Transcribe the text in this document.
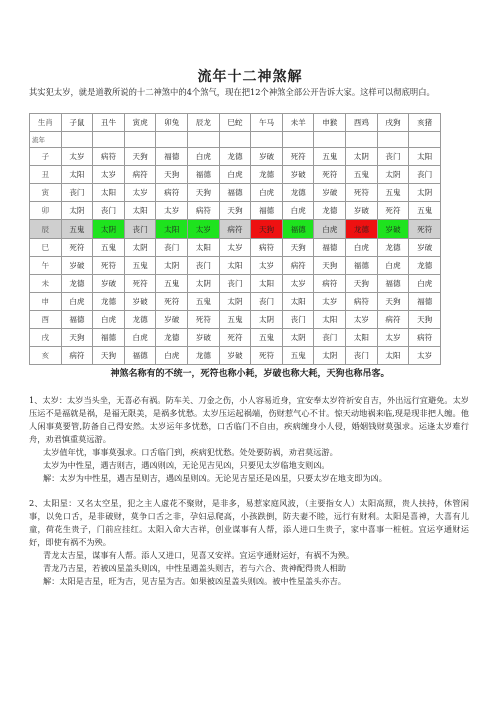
流年十二神煞解
其实犯太岁，就是道教所说的十二神煞中的4个煞气，现在把12个神煞全部公开告诉大家。这样可以彻底明白。
生肖	子鼠	丑牛	寅虎	卯兔	辰龙	巳蛇	午马	未羊	申猴	酉鸡	戌狗	亥猪
流年												
子	太岁	病符	天狗	福德	白虎	龙德	岁破	死符	五鬼	太阴	丧门	太阳
丑	太阳	太岁	病符	天狗	福德	白虎	龙德	岁破	死符	五鬼	太阴	丧门
寅	丧门	太阳	太岁	病符	天狗	福德	白虎	龙德	岁破	死符	五鬼	太阴
卯	太阴	丧门	太阳	太岁	病符	天狗	福德	白虎	龙德	岁破	死符	五鬼
辰	五鬼	太阴	丧门	太阳	太岁	病符	天狗	福德	白虎	龙德	岁破	死符
巳	死符	五鬼	太阴	丧门	太阳	太岁	病符	天狗	福德	白虎	龙德	岁破
午	岁破	死符	五鬼	太阴	丧门	太阳	太岁	病符	天狗	福德	白虎	龙德
未	龙德	岁破	死符	五鬼	太阴	丧门	太阳	太岁	病符	天狗	福德	白虎
申	白虎	龙德	岁破	死符	五鬼	太阴	丧门	太阳	太岁	病符	天狗	福德
酉	福德	白虎	龙德	岁破	死符	五鬼	太阴	丧门	太阳	太岁	病符	天狗
戌	天狗	福德	白虎	龙德	岁破	死符	五鬼	太阴	丧门	太阳	太岁	病符
亥	病符	天狗	福德	白虎	龙德	岁破	死符	五鬼	太阴	丧门	太阳	太岁
神煞名称有的不统一，死符也称小耗，岁破也称大耗，天狗也称吊客。

1、太岁：太岁当头坐，无喜必有祸。防车关、刀金之伤，小人容易近身，宜安奉太岁符祈安自吉，外出远行宜避免。太岁压运不是福就是祸，是福无限美，是祸多忧愁。太岁压运起祸端，伤财惹气心不甘。惊天动地祸来临,现是现非把人缠。他人闲事莫要管,防备自己得安然。太岁运年多忧愁，口舌临门不自由，疾病缠身小人侵，婚姻钱财莫强求。运逢太岁难行舟，劝君慎重莫远游。

太岁值年忧，事事莫强求。口舌临门到，疾病犯忧愁。处处要防祸，劝君莫远游。

太岁为中性星，遇吉则吉，遇凶则凶，无论见吉见凶，只要见太岁临地支则凶。

解：太岁为中性星，遇吉星则吉，遇凶星则凶。无论见吉星还是凶星，只要太岁在地支即为凶。

2、太阳星：又名太空星，犯之主人虚花不聚财，是非多，易惹家庭风波，（主要指女人）太阳高照，贵人扶持，休管闲事，以免口舌，是非破财，莫争口舌之非，孕妇忌爬高，小孩跌倒，防夫妻不睦，远行有财利。太阳是喜神，大喜有儿童，荷花生贵子，门前应挂红。太阳入命大吉祥，创业谋事有人帮，添人进口生贵子，家中喜事一桩桩。宜运亨通财运好，即使有祸不为殃。

青龙太吉星，谋事有人帮。添人又进口，见喜又安祥。宜运亨通财运好，有祸不为殃。

青龙乃吉星，若被凶星盖头则凶，中性星遇盖头则吉，若与六合、贵神配得贵人相助

解：太阳是吉星，旺为吉，见吉星为吉。如果被凶星盖头则凶。被中性星盖头亦吉。
